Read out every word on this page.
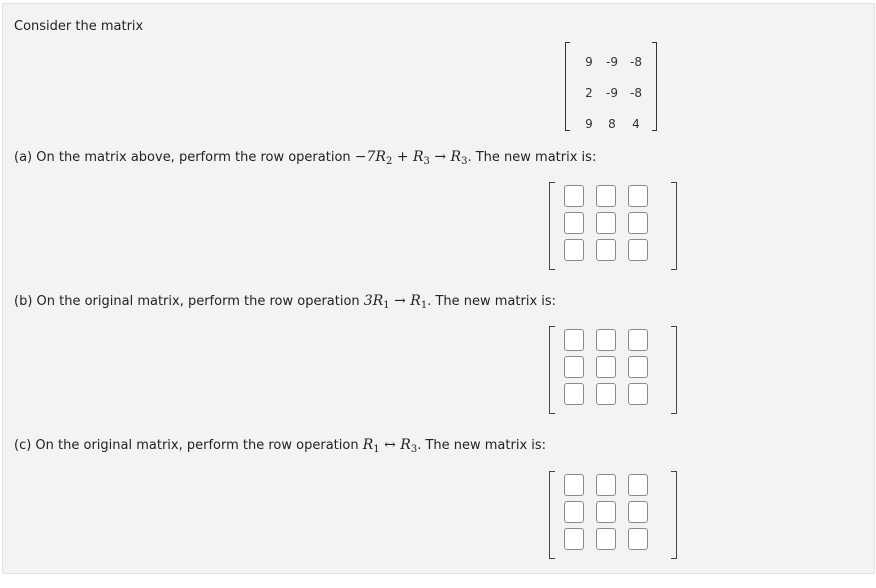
Consider the matrix
9	-9	-8
2	-9	-8
9	8	4
(a) On the matrix above, perform the row operation $-7R_2 + R_3 \to R_3$. The new matrix is:
(b) On the original matrix, perform the row operation $3R_1 \to R_1$. The new matrix is:
(c) On the original matrix, perform the row operation $R_1$ ↔ $R_3$. The new matrix is:
